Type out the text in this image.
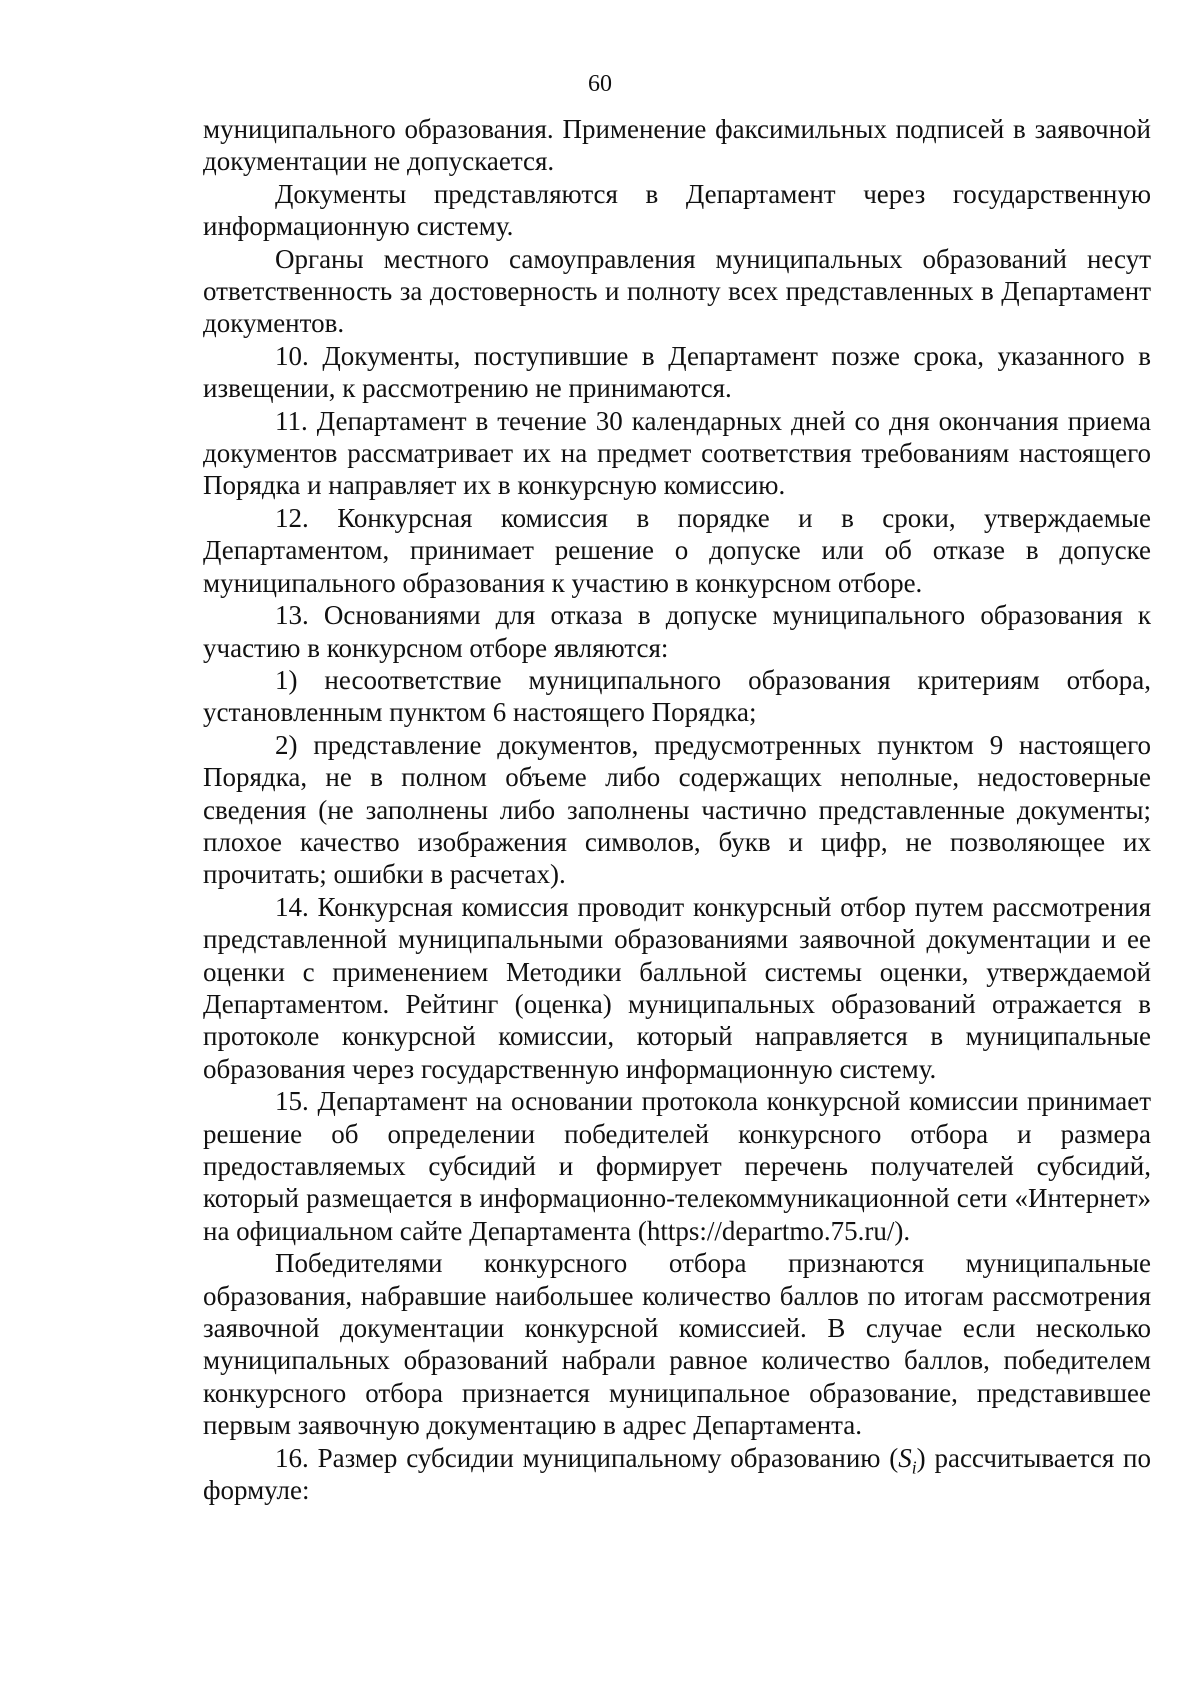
60

муниципального образования. Применение факсимильных подписей в заявочной документации не допускается.

Документы представляются в Департамент через государственную информационную систему.

Органы местного самоуправления муниципальных образований несут ответственность за достоверность и полноту всех представленных в Департамент документов.

10. Документы, поступившие в Департамент позже срока, указанного в извещении, к рассмотрению не принимаются.

11. Департамент в течение 30 календарных дней со дня окончания приема документов рассматривает их на предмет соответствия требованиям настоящего Порядка и направляет их в конкурсную комиссию.

12. Конкурсная комиссия в порядке и в сроки, утверждаемые Департаментом, принимает решение о допуске или об отказе в допуске муниципального образования к участию в конкурсном отборе.

13. Основаниями для отказа в допуске муниципального образования к участию в конкурсном отборе являются:

1) несоответствие муниципального образования критериям отбора, установленным пунктом 6 настоящего Порядка;

2) представление документов, предусмотренных пунктом 9 настоящего Порядка, не в полном объеме либо содержащих неполные, недостоверные сведения (не заполнены либо заполнены частично представленные документы; плохое качество изображения символов, букв и цифр, не позволяющее их прочитать; ошибки в расчетах).

14. Конкурсная комиссия проводит конкурсный отбор путем рассмотрения представленной муниципальными образованиями заявочной документации и ее оценки с применением Методики балльной системы оценки, утверждаемой Департаментом. Рейтинг (оценка) муниципальных образований отражается в протоколе конкурсной комиссии, который направляется в муниципальные образования через государственную информационную систему.

15. Департамент на основании протокола конкурсной комиссии принимает решение об определении победителей конкурсного отбора и размера предоставляемых субсидий и формирует перечень получателей субсидий, который размещается в информационно-телекоммуникационной сети «Интернет» на официальном сайте Департамента (https://departmo.75.ru/).

Победителями конкурсного отбора признаются муниципальные образования, набравшие наибольшее количество баллов по итогам рассмотрения заявочной документации конкурсной комиссией. В случае если несколько муниципальных образований набрали равное количество баллов, победителем конкурсного отбора признается муниципальное образование, представившее первым заявочную документацию в адрес Департамента.

16. Размер субсидии муниципальному образованию $(S_i)$ рассчитывается по формуле:
